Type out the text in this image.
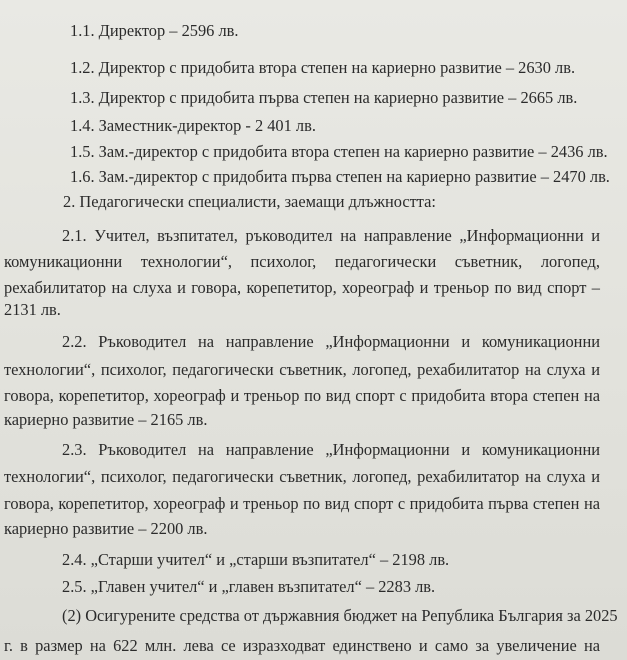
1.1. Директор – 2596 лв.
1.2. Директор с придобита втора степен на кариерно развитие – 2630 лв.
1.3. Директор с придобита първа степен на кариерно развитие – 2665 лв.
1.4. Заместник-директор - 2 401 лв.
1.5. Зам.-директор с придобита втора степен на кариерно развитие – 2436 лв.
1.6. Зам.-директор с придобита първа степен на кариерно развитие – 2470 лв.
2. Педагогически специалисти, заемащи длъжността:
2.1. Учител, възпитател, ръководител на направление „Информационни и
комуникационни технологии“, психолог, педагогически съветник, логопед,
рехабилитатор на слуха и говора, корепетитор, хореограф и треньор по вид спорт –
2131 лв.
2.2. Ръководител на направление „Информационни и комуникационни
технологии“, психолог, педагогически съветник, логопед, рехабилитатор на слуха и
говора, корепетитор, хореограф и треньор по вид спорт с придобита втора степен на
кариерно развитие – 2165 лв.
2.3. Ръководител на направление „Информационни и комуникационни
технологии“, психолог, педагогически съветник, логопед, рехабилитатор на слуха и
говора, корепетитор, хореограф и треньор по вид спорт с придобита първа степен на
кариерно развитие – 2200 лв.
2.4. „Старши учител“ и „старши възпитател“ – 2198 лв.
2.5. „Главен учител“ и „главен възпитател“ – 2283 лв.
(2) Осигурените средства от държавния бюджет на Република България за 2025
г. в размер на 622 млн. лева се изразходват единствено и само за увеличение на
